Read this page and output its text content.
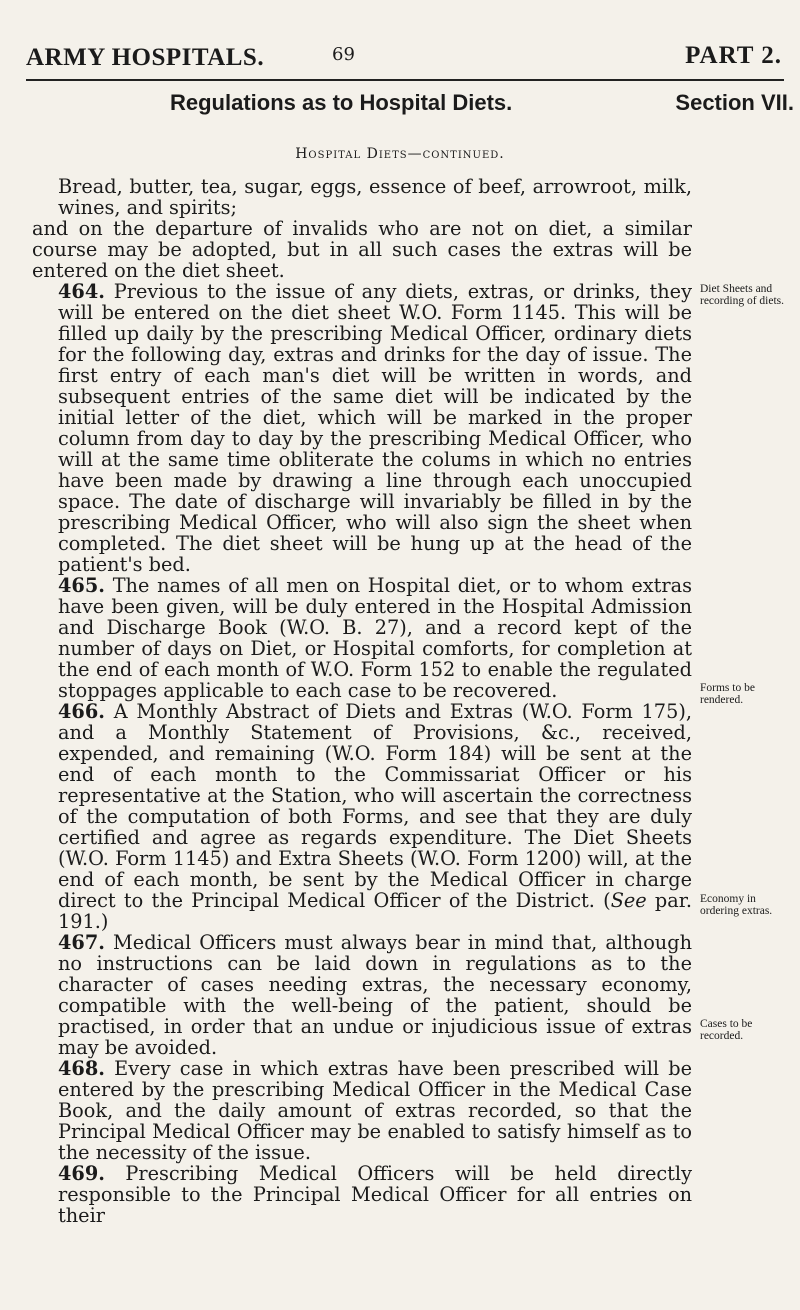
ARMY HOSPITALS.	69	PART 2.
Regulations as to Hospital Diets.	Section VII.
Hospital Diets—continued.

Bread, butter, tea, sugar, eggs, essence of beef, arrowroot, milk, wines, and spirits;

and on the departure of invalids who are not on diet, a similar course may be adopted, but in all such cases the extras will be entered on the diet sheet.

464. Previous to the issue of any diets, extras, or drinks, they will be entered on the diet sheet W.O. Form 1145. This will be filled up daily by the prescribing Medical Officer, ordinary diets for the following day, extras and drinks for the day of issue. The first entry of each man's diet will be written in words, and subsequent entries of the same diet will be indicated by the initial letter of the diet, which will be marked in the proper column from day to day by the prescribing Medical Officer, who will at the same time obliterate the colums in which no entries have been made by drawing a line through each unoccupied space. The date of discharge will invariably be filled in by the prescribing Medical Officer, who will also sign the sheet when completed. The diet sheet will be hung up at the head of the patient's bed.

465. The names of all men on Hospital diet, or to whom extras have been given, will be duly entered in the Hospital Admission and Discharge Book (W.O. B. 27), and a record kept of the number of days on Diet, or Hospital comforts, for completion at the end of each month of W.O. Form 152 to enable the regulated stoppages applicable to each case to be recovered.

466. A Monthly Abstract of Diets and Extras (W.O. Form 175), and a Monthly Statement of Provisions, &c., received, expended, and remaining (W.O. Form 184) will be sent at the end of each month to the Commissariat Officer or his representative at the Station, who will ascertain the correctness of the computation of both Forms, and see that they are duly certified and agree as regards expenditure. The Diet Sheets (W.O. Form 1145) and Extra Sheets (W.O. Form 1200) will, at the end of each month, be sent by the Medical Officer in charge direct to the Principal Medical Officer of the District. (See par. 191.)

467. Medical Officers must always bear in mind that, although no instructions can be laid down in regulations as to the character of cases needing extras, the necessary economy, compatible with the well-being of the patient, should be practised, in order that an undue or injudicious issue of extras may be avoided.

468. Every case in which extras have been prescribed will be entered by the prescribing Medical Officer in the Medical Case Book, and the daily amount of extras recorded, so that the Principal Medical Officer may be enabled to satisfy himself as to the necessity of the issue.

469. Prescribing Medical Officers will be held directly responsible to the Principal Medical Officer for all entries on their

Diet Sheets and recording of diets.
Forms to be rendered.
Economy in ordering extras.
Cases to be recorded.
